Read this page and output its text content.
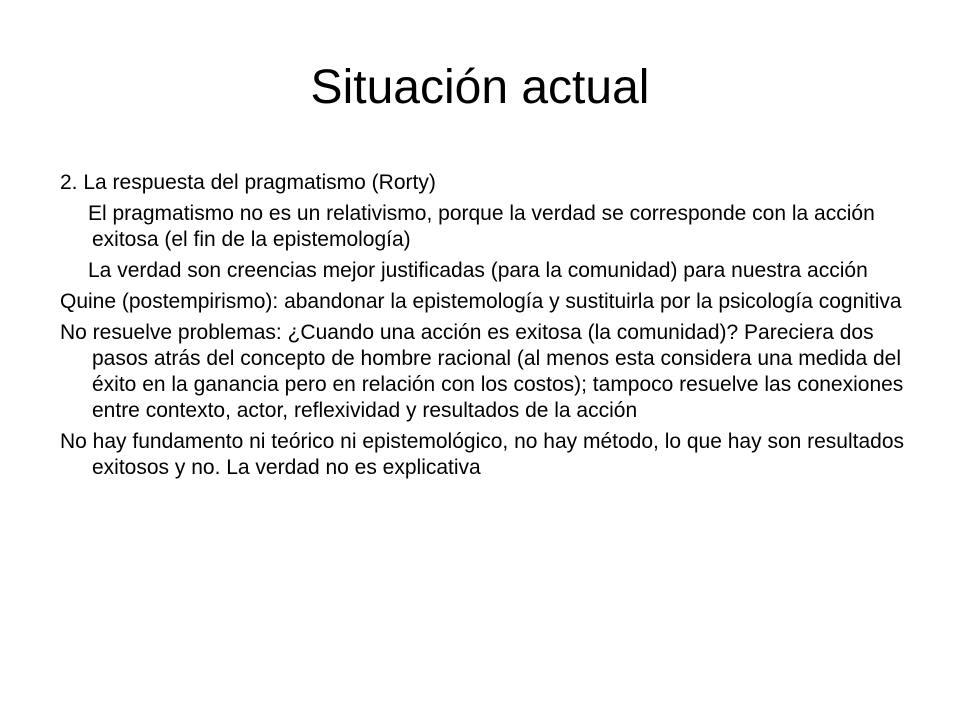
Situación actual

2. La respuesta del pragmatismo (Rorty)

El pragmatismo no es un relativismo, porque la verdad se corresponde con la acción exitosa (el fin de la epistemología)

La verdad son creencias mejor justificadas (para la comunidad) para nuestra acción

Quine (postempirismo): abandonar la epistemología y sustituirla por la psicología cognitiva

No resuelve problemas: ¿Cuando una acción es exitosa (la comunidad)? Pareciera dos pasos atrás del concepto de hombre racional (al menos esta considera una medida del éxito en la ganancia pero en relación con los costos); tampoco resuelve las conexiones entre contexto, actor, reflexividad y resultados de la acción

No hay fundamento ni teórico ni epistemológico, no hay método, lo que hay son resultados exitosos y no. La verdad no es explicativa
